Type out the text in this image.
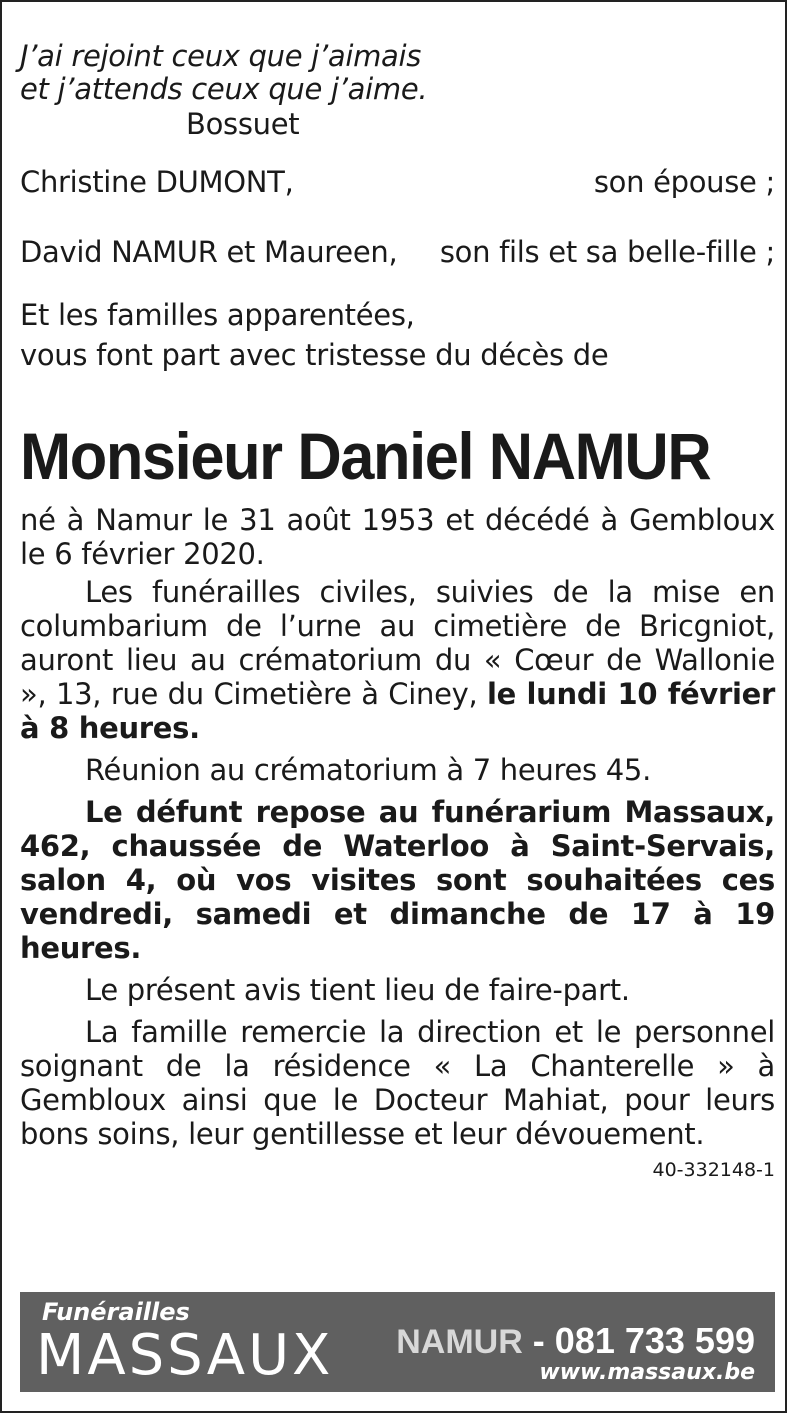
J’ai rejoint ceux que j’aimais
et j’attends ceux que j’aime.
Bossuet
Christine DUMONT,	son épouse ;
David NAMUR et Maureen, son fils et sa belle-fille ;
Et les familles apparentées,
vous font part avec tristesse du décès de
Monsieur Daniel NAMUR

né à Namur le 31 août 1953 et décédé à Gembloux le 6 février 2020.

Les funérailles civiles, suivies de la mise en columbarium de l’urne au cimetière de Bricgniot, auront lieu au crématorium du « Cœur de Wallonie », 13, rue du Cimetière à Ciney, le lundi 10 février à 8 heures.

Réunion au crématorium à 7 heures 45.

Le défunt repose au funérarium Massaux, 462, chaussée de Waterloo à Saint-Servais, salon 4, où vos visites sont souhaitées ces vendredi, samedi et dimanche de 17 à 19 heures.

Le présent avis tient lieu de faire-part.

La famille remercie la direction et le personnel soignant de la résidence « La Chanterelle » à Gembloux ainsi que le Docteur Mahiat, pour leurs bons soins, leur gentillesse et leur dévouement.

40-332148-1
Funérailles
MASSAUX NAMUR - 081 733 599
www.massaux.be
